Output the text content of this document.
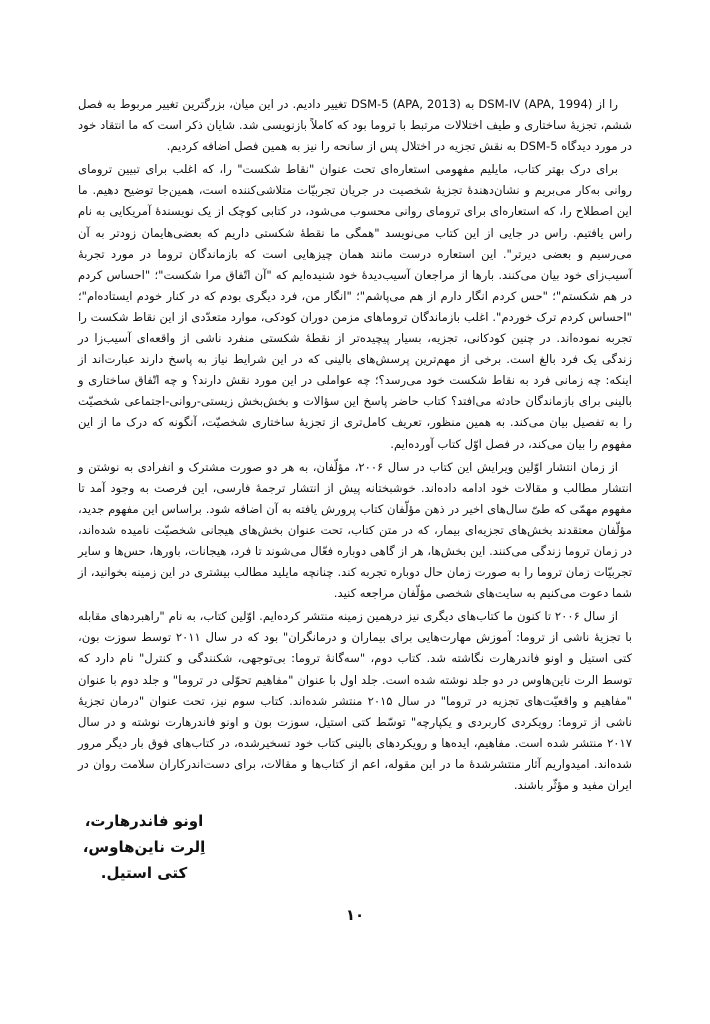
را از DSM-IV (APA, 1994) به DSM-5 (APA, 2013) تغییر دادیم. در این میان، بزرگترین تغییر مربوط به فصل ششم، تجزیهٔ ساختاری و طیف اختلالات مرتبط با تروما بود که کاملاً بازنویسی شد. شایان ذکر است که ما انتقاد خود در مورد دیدگاه DSM-5 به نقش تجزیه در اختلال پس از سانحه را نیز به همین فصل اضافه کردیم.

برای درک بهتر کتاب، مایلیم مفهومی استعاره‌ای تحت عنوان "نقاط شکست" را، که اغلب برای تبیین ترومای روانی به‌کار می‌بریم و نشان‌دهندهٔ تجزیهٔ شخصیت در جریان تجربیّات متلاشی‌کننده است، همین‌جا توضیح دهیم. ما این اصطلاح را، که استعاره‌ای برای ترومای روانی محسوب می‌شود، در کتابی کوچک از یک نویسندهٔ آمریکایی به نام راس یافتیم. راس در جایی از این کتاب می‌نویسد "همگی ما نقطهٔ شکستی داریم که بعضی‌هایمان زودتر به آن می‌رسیم و بعضی دیرتر". این استعاره درست مانند همان چیزهایی است که بازماندگان تروما در مورد تجربهٔ آسیب‌زای خود بیان می‌کنند. بارها از مراجعان آسیب‌دیدهٔ خود شنیده‌ایم که "آن اتّفاق مرا شکست"؛ "احساس کردم در هم شکستم"؛ "حس کردم انگار دارم از هم می‌پاشم"؛ "انگار من، فرد دیگری بودم که در کنار خودم ایستاده‌ام"؛ "احساس کردم ترک خوردم". اغلب بازماندگان تروماهای مزمن دوران کودکی، موارد متعدّدی از این نقاط شکست را تجربه نموده‌اند. در چنین کودکانی، تجزیه، بسیار پیچیده‌تر از نقطهٔ شکستی منفرد ناشی از واقعه‌ای آسیب‌زا در زندگی یک فرد بالغ است. برخی از مهم‌ترین پرسش‌های بالینی که در این شرایط نیاز به پاسخ دارند عبارت‌اند از اینکه: چه زمانی فرد به نقاط شکست خود می‌رسد؟؛ چه عواملی در این مورد نقش دارند؟ و چه اتّفاق ساختاری و بالینی برای بازماندگان حادثه می‌افتد؟ کتاب حاضر پاسخ این سؤالات و بخش‌بخش زیستی-روانی-اجتماعی شخصیّت را به تفصیل بیان می‌کند. به همین منظور، تعریف کامل‌تری از تجزیهٔ ساختاری شخصیّت، آنگونه که درک ما از این مفهوم را بیان می‌کند، در فصل اوّل کتاب آورده‌ایم.

از زمان انتشار اوّلین ویرایش این کتاب در سال ۲۰۰۶، مؤلّفان، به هر دو صورت مشترک و انفرادی به نوشتن و انتشار مطالب و مقالات خود ادامه داده‌اند. خوشبختانه پیش از انتشار ترجمهٔ فارسی، این فرصت به وجود آمد تا مفهوم مهمّی که طیّ سال‌های اخیر در ذهن مؤلّفان کتاب پرورش یافته به آن اضافه شود. براساس این مفهوم جدید، مؤلّفان معتقدند بخش‌های تجزیه‌ای بیمار، که در متن کتاب، تحت عنوان بخش‌های هیجانی شخصیّت نامیده شده‌اند، در زمان تروما زندگی می‌کنند. این بخش‌ها، هر از گاهی دوباره فعّال می‌شوند تا فرد، هیجانات، باورها، حس‌ها و سایر تجربیّات زمان تروما را به صورت زمان حال دوباره تجربه کند. چنانچه مایلید مطالب بیشتری در این زمینه بخوانید، از شما دعوت می‌کنیم به سایت‌های شخصی مؤلّفان مراجعه کنید.

از سال ۲۰۰۶ تا کنون ما کتاب‌های دیگری نیز درهمین زمینه منتشر کرده‌ایم. اوّلین کتاب، به نام "راهبردهای مقابله با تجزیهٔ ناشی از تروما: آموزش مهارت‌هایی برای بیماران و درمانگران" بود که در سال ۲۰۱۱ توسط سوزت بون، کتی استیل و اونو فاندرهارت نگاشته شد. کتاب دوم، "سه‌گانهٔ تروما: بی‌توجهی، شکنندگی و کنترل" نام دارد که توسط الرت ناین‌هاوس در دو جلد نوشته شده است. جلد اول با عنوان "مفاهیم تحوّلی در تروما" و جلد دوم با عنوان "مفاهیم و واقعیّت‌های تجزیه در تروما" در سال ۲۰۱۵ منتشر شده‌اند. کتاب سوم نیز، تحت عنوان "درمان تجزیهٔ ناشی از تروما: رویکردی کاربردی و یکپارچه" توسّط کتی استیل، سوزت بون و اونو فاندرهارت نوشته و در سال ۲۰۱۷ منتشر شده است. مفاهیم، ایده‌ها و رویکردهای بالینی کتاب خود تسخیرشده، در کتاب‌های فوق بار دیگر مرور شده‌اند. امیدواریم آثار منتشرشدهٔ ما در این مقوله، اعم از کتاب‌ها و مقالات، برای دست‌اندرکاران سلامت روان در ایران مفید و مؤثّر باشند.

اونو فاندرهارت،
اِلرت ناین‌هاوس،
کتی استیل.
۱۰
